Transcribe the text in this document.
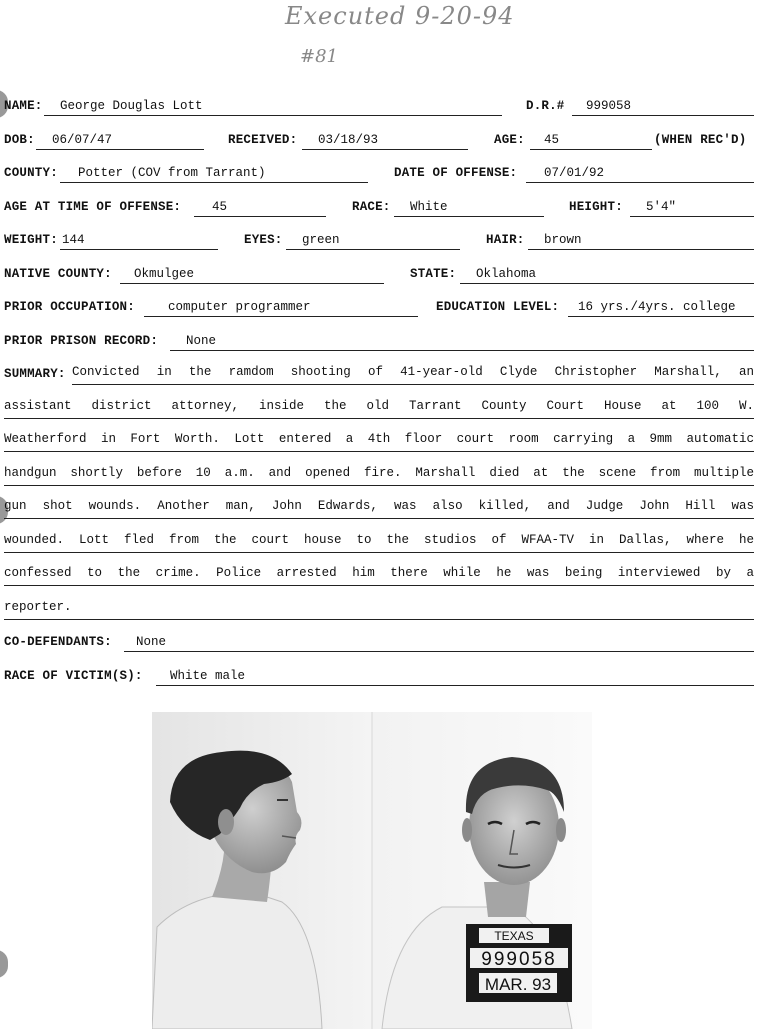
Executed 9-20-94
#81
NAME: George Douglas Lott	D.R.# 999058
DOB: 06/07/47	RECEIVED: 03/18/93	AGE: 45	(WHEN REC'D)
COUNTY: Potter (COV from Tarrant)	DATE OF OFFENSE: 07/01/92
AGE AT TIME OF OFFENSE: 45	RACE: White	HEIGHT: 5'4"
WEIGHT: 144	EYES: green	HAIR: brown
NATIVE COUNTY: Okmulgee	STATE: Oklahoma
PRIOR OCCUPATION:	computer programmer	EDUCATION LEVEL: 16 yrs./4yrs. college
PRIOR PRISON RECORD: None
SUMMARY: Convicted in the ramdom shooting of 41-year-old Clyde Christopher Marshall, an
assistant district attorney, inside the old Tarrant County Court House at 100 W.
Weatherford in Fort Worth. Lott entered a 4th floor court room carrying a 9mm automatic
handgun shortly before 10 a.m. and opened fire. Marshall died at the scene from multiple
gun shot wounds. Another man, John Edwards, was also killed, and Judge John Hill was
wounded. Lott fled from the court house to the studios of WFAA-TV in Dallas, where he
confessed to the crime. Police arrested him there while he was being interviewed by a
reporter.
CO-DEFENDANTS: None
RACE OF VICTIM(S): White male
TEXAS
999058
MAR. 93
